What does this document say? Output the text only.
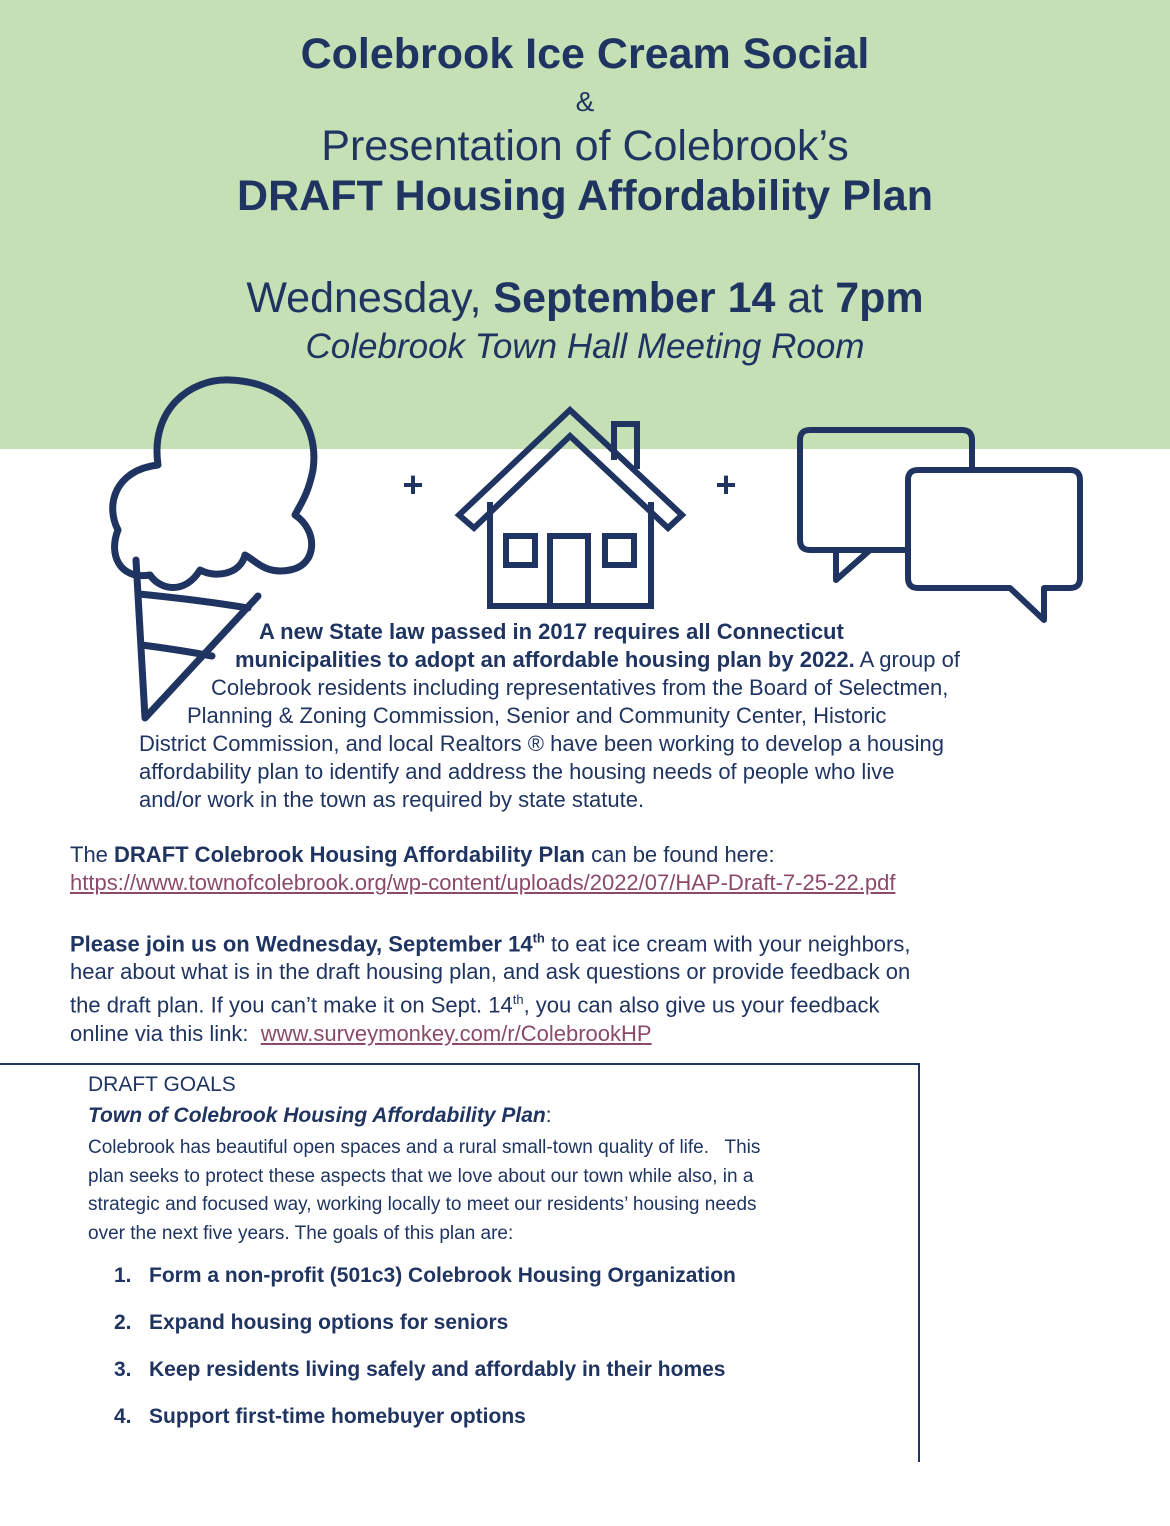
Colebrook Ice Cream Social
&
Presentation of Colebrook’s
DRAFT Housing Affordability Plan
Wednesday, September 14 at 7pm
Colebrook Town Hall Meeting Room
+	+
A new State law passed in 2017 requires all Connecticut
municipalities to adopt an affordable housing plan by 2022. A group of
Colebrook residents including representatives from the Board of Selectmen,
Planning & Zoning Commission, Senior and Community Center, Historic
District Commission, and local Realtors ® have been working to develop a housing
affordability plan to identify and address the housing needs of people who live
and/or work in the town as required by state statute.
The DRAFT Colebrook Housing Affordability Plan can be found here:
https://www.townofcolebrook.org/wp-content/uploads/2022/07/HAP-Draft-7-25-22.pdf
Please join us on Wednesday, September 14th to eat ice cream with your neighbors,
hear about what is in the draft housing plan, and ask questions or provide feedback on
the draft plan. If you can’t make it on Sept. 14th, you can also give us your feedback
online via this link:  www.surveymonkey.com/r/ColebrookHP
DRAFT GOALS
Town of Colebrook Housing Affordability Plan:
Colebrook has beautiful open spaces and a rural small-town quality of life.   This
plan seeks to protect these aspects that we love about our town while also, in a
strategic and focused way, working locally to meet our residents’ housing needs
over the next five years. The goals of this plan are:
1. Form a non-profit (501c3) Colebrook Housing Organization
2. Expand housing options for seniors
3. Keep residents living safely and affordably in their homes
4. Support first-time homebuyer options
